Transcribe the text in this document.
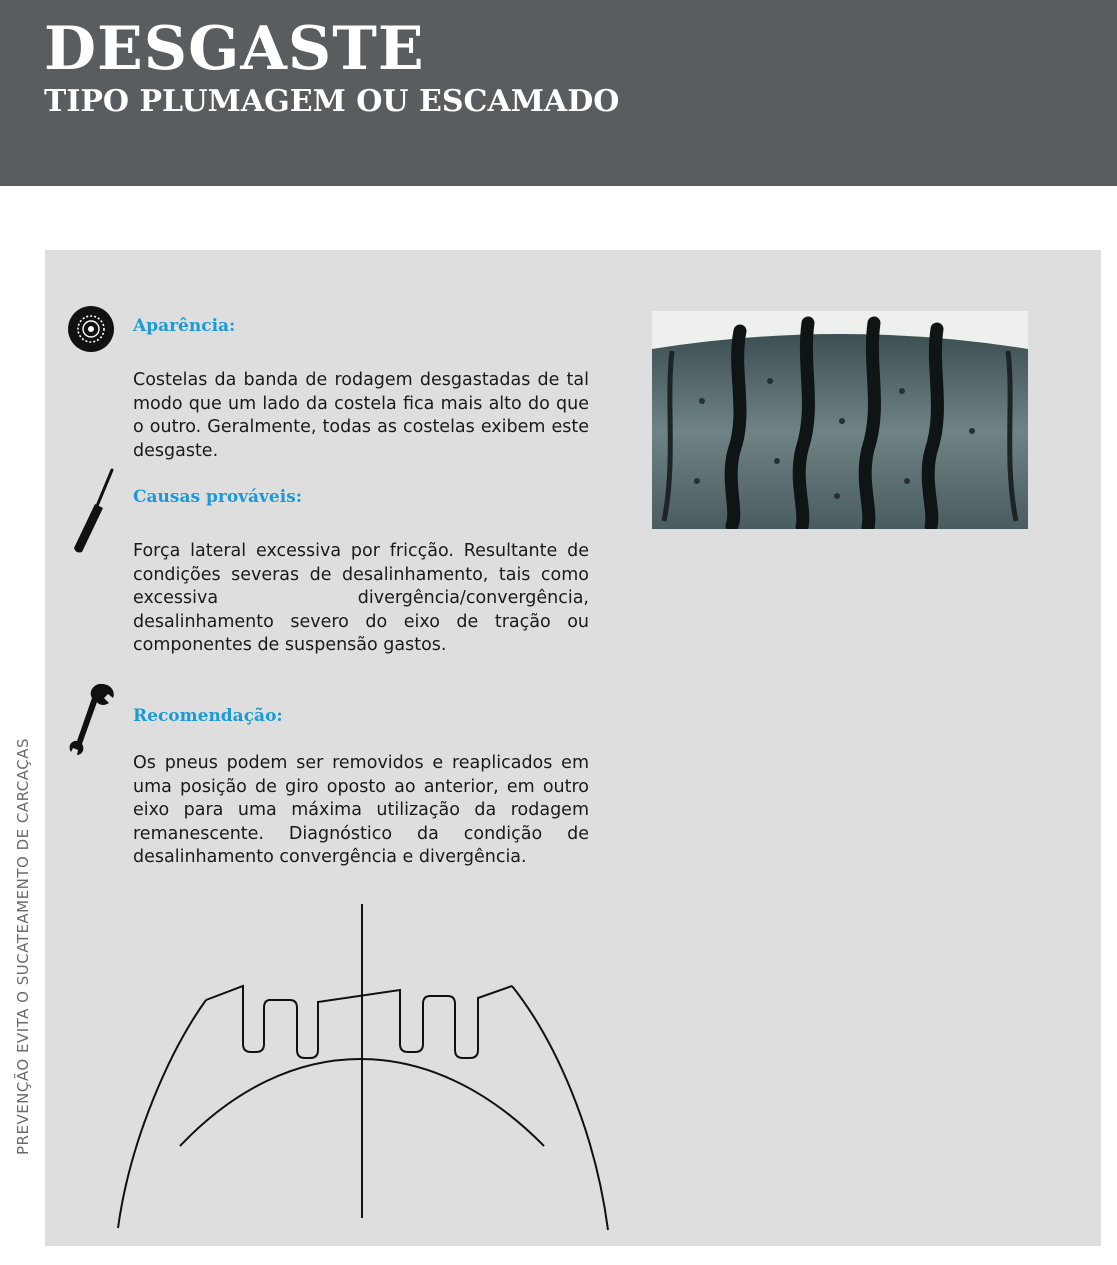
DESGASTE
TIPO PLUMAGEM OU ESCAMADO
PREVENÇÃO EVITA O SUCATEAMENTO DE CARCAÇAS

Aparência:

Costelas da banda de rodagem desgastadas de tal modo que um lado da costela fica mais alto do que o outro. Geralmente, todas as costelas exibem este desgaste.

Causas prováveis:

Força lateral excessiva por fricção. Resultante de condições severas de desalinhamento, tais como excessiva divergência/convergência, desalinhamento severo do eixo de tração ou componentes de suspensão gastos.

Recomendação:

Os pneus podem ser removidos e reaplicados em uma posição de giro oposto ao anterior, em outro eixo para uma máxima utilização da rodagem remanescente. Diagnóstico da condição de desalinhamento convergência e divergência.
